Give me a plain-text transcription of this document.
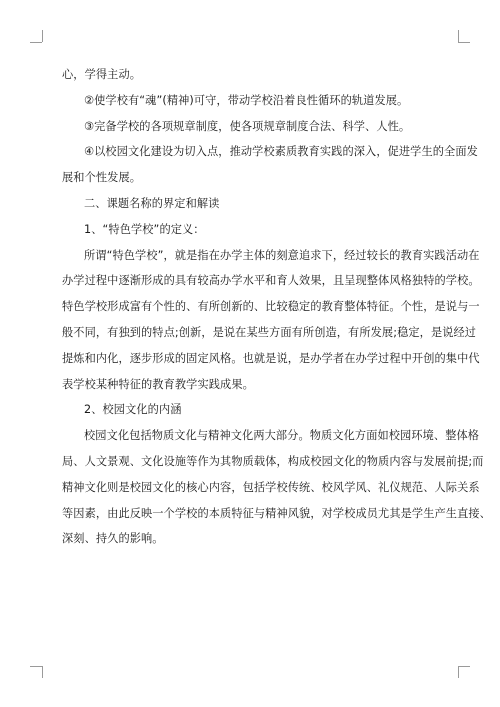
心，学得主动。

②使学校有“魂”(精神)可守，带动学校沿着良性循环的轨道发展。

③完备学校的各项规章制度，使各项规章制度合法、科学、人性。

④以校园文化建设为切入点，推动学校素质教育实践的深入，促进学生的全面发

展和个性发展。

二、课题名称的界定和解读

1、“特色学校”的定义：

所谓“特色学校”，就是指在办学主体的刻意追求下，经过较长的教育实践活动在

办学过程中逐渐形成的具有较高办学水平和育人效果，且呈现整体风格独特的学校。

特色学校形成富有个性的、有所创新的、比较稳定的教育整体特征。个性，是说与一

般不同，有独到的特点;创新，是说在某些方面有所创造，有所发展;稳定，是说经过

提炼和内化，逐步形成的固定风格。也就是说，是办学者在办学过程中开创的集中代

表学校某种特征的教育教学实践成果。

2、校园文化的内涵

校园文化包括物质文化与精神文化两大部分。物质文化方面如校园环境、整体格

局、人文景观、文化设施等作为其物质载体，构成校园文化的物质内容与发展前提;而

精神文化则是校园文化的核心内容，包括学校传统、校风学风、礼仪规范、人际关系

等因素，由此反映一个学校的本质特征与精神风貌，对学校成员尤其是学生产生直接、

深刻、持久的影响。
